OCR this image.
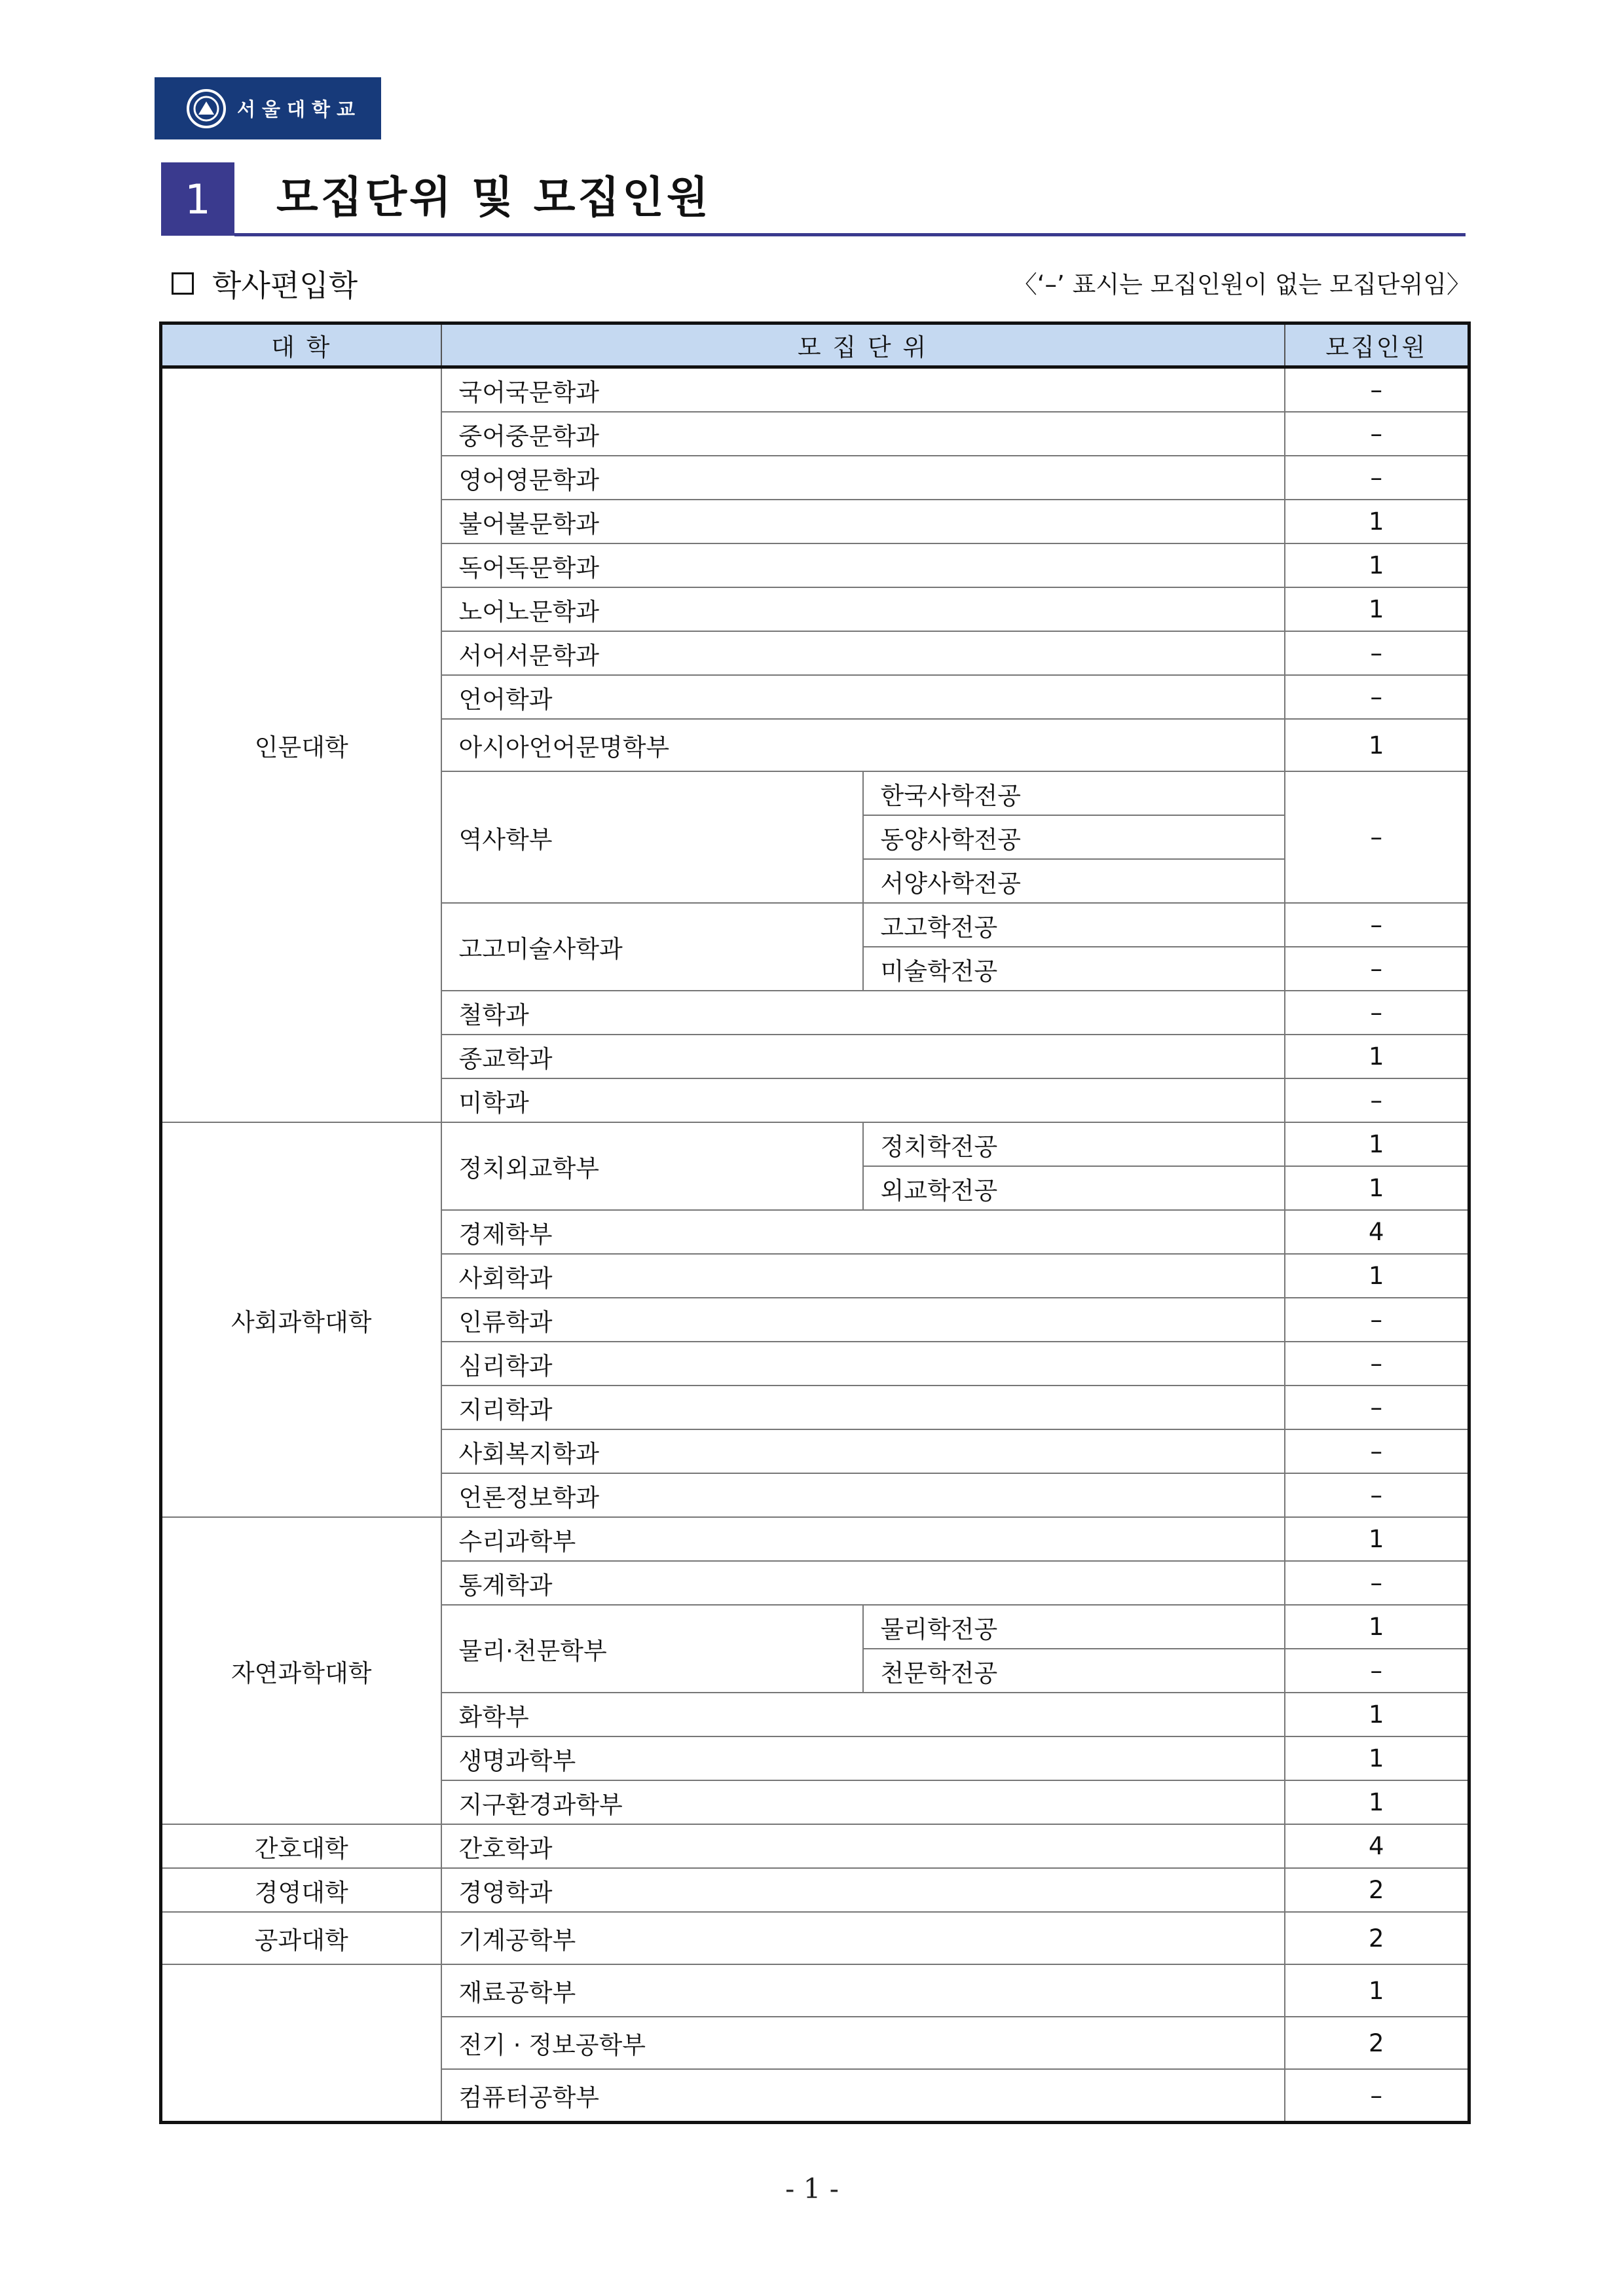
서울대학교
1	모집단위 및 모집인원
학사편입학	〈‘–’ 표시는 모집인원이 없는 모집단위임〉
대 학	모 집 단 위		모집인원
인문대학	국어국문학과		–
	중어중문학과		–
	영어영문학과		–
	불어불문학과		1
	독어독문학과		1
	노어노문학과		1
	서어서문학과		–
	언어학과		–
	아시아언어문명학부		1
	역사학부	한국사학전공	–
		동양사학전공	
		서양사학전공	
	고고미술사학과	고고학전공	–
		미술학전공	–
	철학과		–
	종교학과		1
	미학과		–
사회과학대학	정치외교학부	정치학전공	1
		외교학전공	1
	경제학부		4
	사회학과		1
	인류학과		–
	심리학과		–
	지리학과		–
	사회복지학과		–
	언론정보학과		–
자연과학대학	수리과학부		1
	통계학과		–
	물리·천문학부	물리학전공	1
		천문학전공	–
	화학부		1
	생명과학부		1
	지구환경과학부		1
간호대학	간호학과		4
경영대학	경영학과		2
공과대학	기계공학부		2
	재료공학부		1
	전기 · 정보공학부		2
	컴퓨터공학부		–
- 1 -
